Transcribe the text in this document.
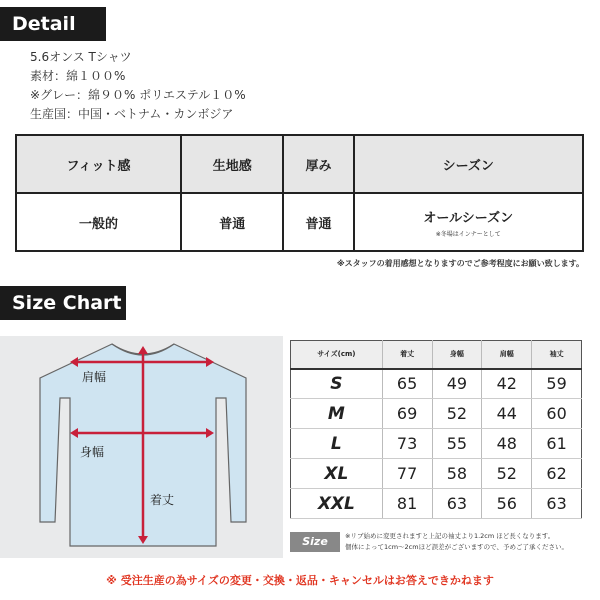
Detail
5.6オンス Tシャツ
素材：綿１００%
※グレー：綿９０% ポリエステル１０%
生産国：中国・ベトナム・カンボジア
フィット感	生地感	厚み	シーズン
一般的	普通	普通	オールシーズン
※冬場はインナーとして
※スタッフの着用感想となりますのでご参考程度にお願い致します。
Size Chart
肩幅
身幅
着丈
サイズ(cm)	着丈	身幅	肩幅	袖丈
S	65	49	42	59
M	69	52	44	60
L	73	55	48	61
XL	77	58	52	62
XXL	81	63	56	63
Size	※リブ始めに変更されますと上記の袖丈より1.2cm ほど長くなります。
個体によって1cm～2cmほど誤差がございますので、予めご了承ください。
※ 受注生産の為サイズの変更・交換・返品・キャンセルはお答えできかねます
